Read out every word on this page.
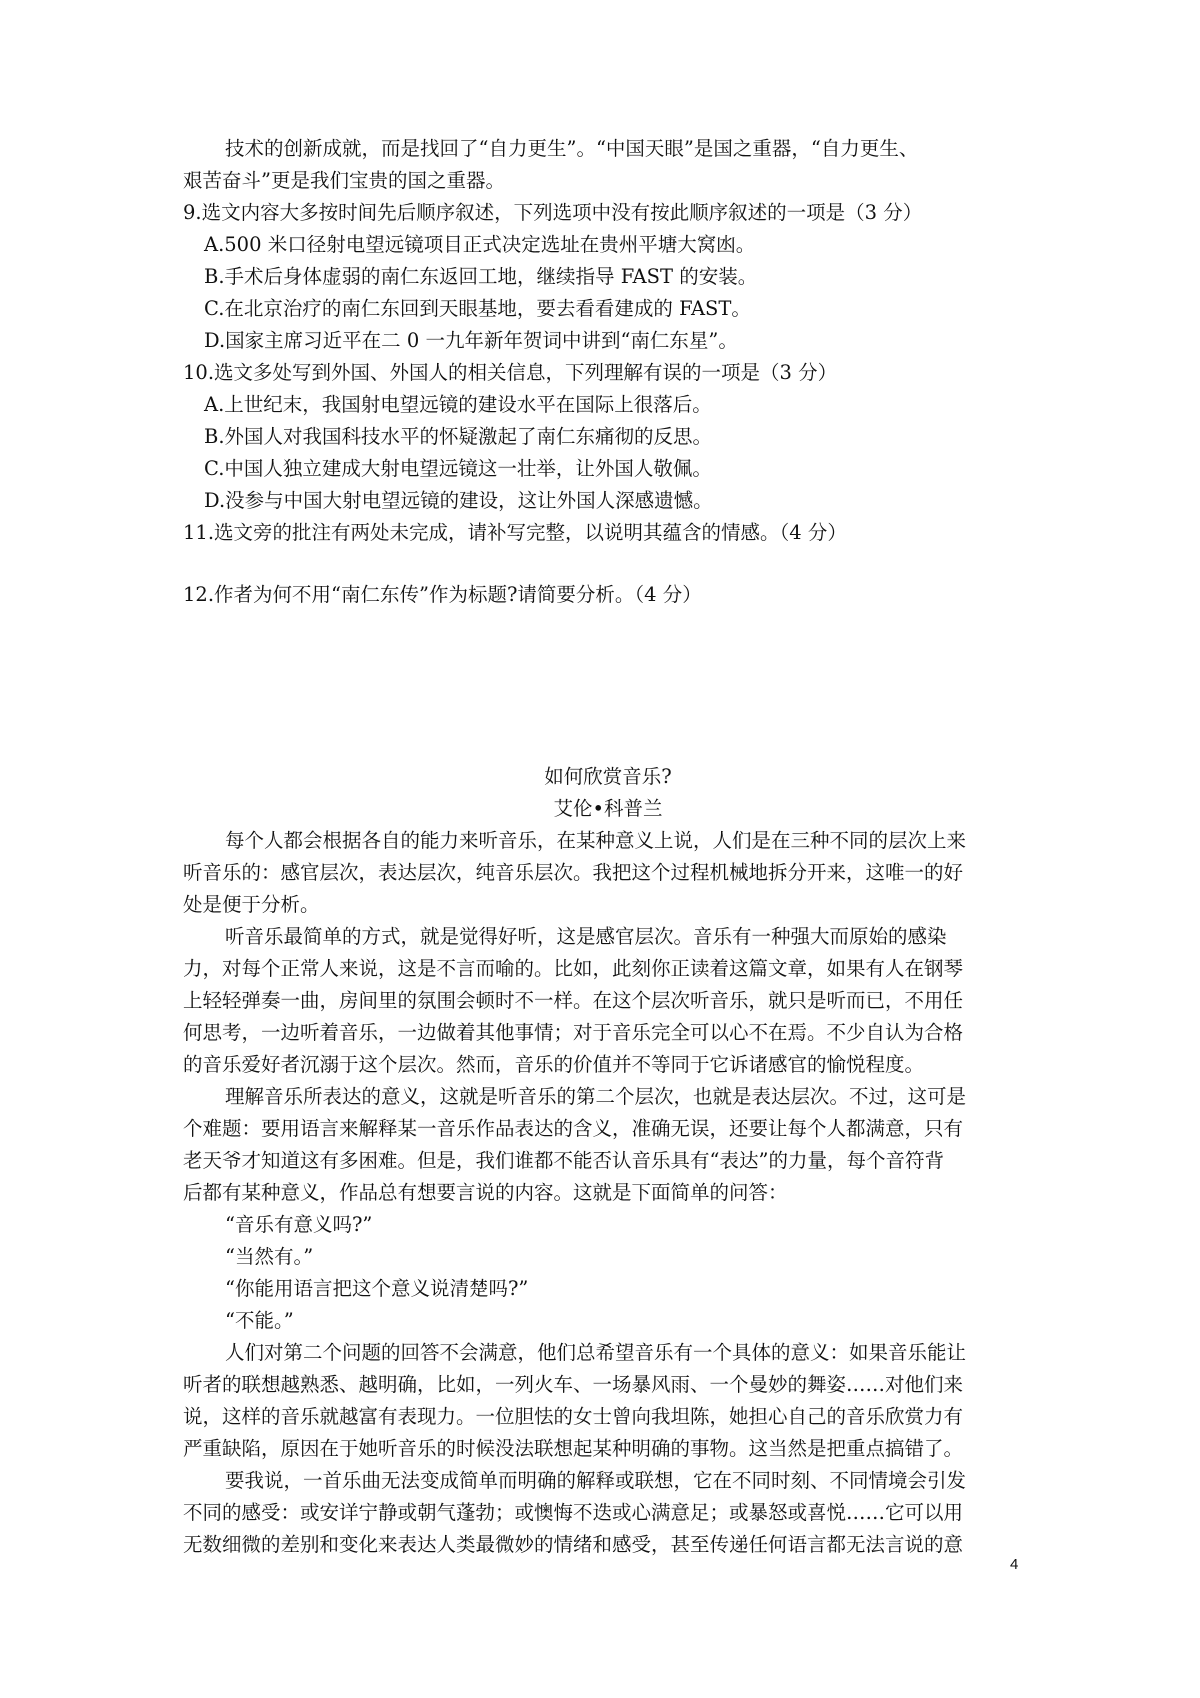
技术的创新成就，而是找回了“自力更生”。“中国天眼”是国之重器，“自力更生、
艰苦奋斗”更是我们宝贵的国之重器。
9.选文内容大多按时间先后顺序叙述，下列选项中没有按此顺序叙述的一项是（3 分）
A.500 米口径射电望远镜项目正式决定选址在贵州平塘大窝凼。
B.手术后身体虚弱的南仁东返回工地，继续指导 FAST 的安装。
C.在北京治疗的南仁东回到天眼基地，要去看看建成的 FAST。
D.国家主席习近平在二 0 一九年新年贺词中讲到“南仁东星”。
10.选文多处写到外国、外国人的相关信息，下列理解有误的一项是（3 分）
A.上世纪末，我国射电望远镜的建设水平在国际上很落后。
B.外国人对我国科技水平的怀疑激起了南仁东痛彻的反思。
C.中国人独立建成大射电望远镜这一壮举，让外国人敬佩。
D.没参与中国大射电望远镜的建设，这让外国人深感遗憾。
11.选文旁的批注有两处未完成，请补写完整，以说明其蕴含的情感。（4 分）
12.作者为何不用“南仁东传”作为标题?请简要分析。（4 分）
如何欣赏音乐?
艾伦•科普兰
每个人都会根据各自的能力来听音乐，在某种意义上说，人们是在三种不同的层次上来
听音乐的：感官层次，表达层次，纯音乐层次。我把这个过程机械地拆分开来，这唯一的好
处是便于分析。
听音乐最简单的方式，就是觉得好听，这是感官层次。音乐有一种强大而原始的感染
力，对每个正常人来说，这是不言而喻的。比如，此刻你正读着这篇文章，如果有人在钢琴
上轻轻弹奏一曲，房间里的氛围会顿时不一样。在这个层次听音乐，就只是听而已，不用任
何思考，一边听着音乐，一边做着其他事情；对于音乐完全可以心不在焉。不少自认为合格
的音乐爱好者沉溺于这个层次。然而，音乐的价值并不等同于它诉诸感官的愉悦程度。
理解音乐所表达的意义，这就是听音乐的第二个层次，也就是表达层次。不过，这可是
个难题：要用语言来解释某一音乐作品表达的含义，准确无误，还要让每个人都满意，只有
老天爷才知道这有多困难。但是，我们谁都不能否认音乐具有“表达”的力量，每个音符背
后都有某种意义，作品总有想要言说的内容。这就是下面简单的问答：
“音乐有意义吗?”
“当然有。”
“你能用语言把这个意义说清楚吗?”
“不能。”
人们对第二个问题的回答不会满意，他们总希望音乐有一个具体的意义：如果音乐能让
听者的联想越熟悉、越明确，比如，一列火车、一场暴风雨、一个曼妙的舞姿……对他们来
说，这样的音乐就越富有表现力。一位胆怯的女士曾向我坦陈，她担心自己的音乐欣赏力有
严重缺陷，原因在于她听音乐的时候没法联想起某种明确的事物。这当然是把重点搞错了。
要我说，一首乐曲无法变成简单而明确的解释或联想，它在不同时刻、不同情境会引发
不同的感受：或安详宁静或朝气蓬勃；或懊悔不迭或心满意足；或暴怒或喜悦……它可以用
无数细微的差别和变化来表达人类最微妙的情绪和感受，甚至传递任何语言都无法言说的意
4
